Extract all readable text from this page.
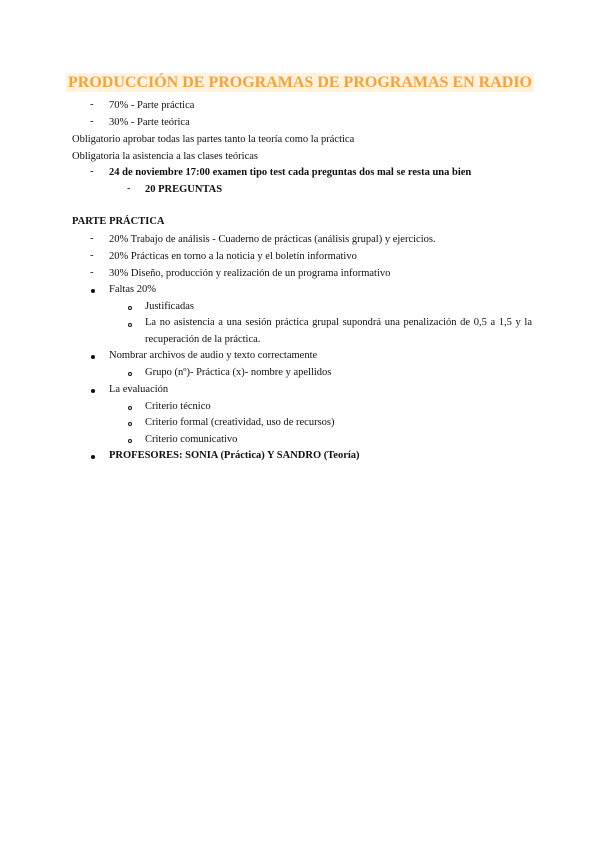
PRODUCCIÓN DE PROGRAMAS DE PROGRAMAS EN RADIO
- 70% - Parte práctica
- 30% - Parte teórica
Obligatorio aprobar todas las partes tanto la teoría como la práctica
Obligatoria la asistencia a las clases teóricas
- 24 de noviembre 17:00 examen tipo test cada preguntas dos mal se resta una bien
- 20 PREGUNTAS
PARTE PRÁCTICA
- 20% Trabajo de análisis - Cuaderno de prácticas (análisis grupal) y ejercicios.
- 20% Prácticas en torno a la noticia y el boletín informativo
- 30% Diseño, producción y realización de un programa informativo
Faltas 20%
Justificadas
La no asistencia a una sesión práctica grupal supondrá una penalización de 0,5 a 1,5 y la recuperación de la práctica.
Nombrar archivos de audio y texto correctamente
Grupo (nº)- Práctica (x)- nombre y apellidos
La evaluación
Criterio técnico
Criterio formal (creatividad, uso de recursos)
Criterio comunicativo
PROFESORES: SONIA (Práctica) Y SANDRO (Teoría)
